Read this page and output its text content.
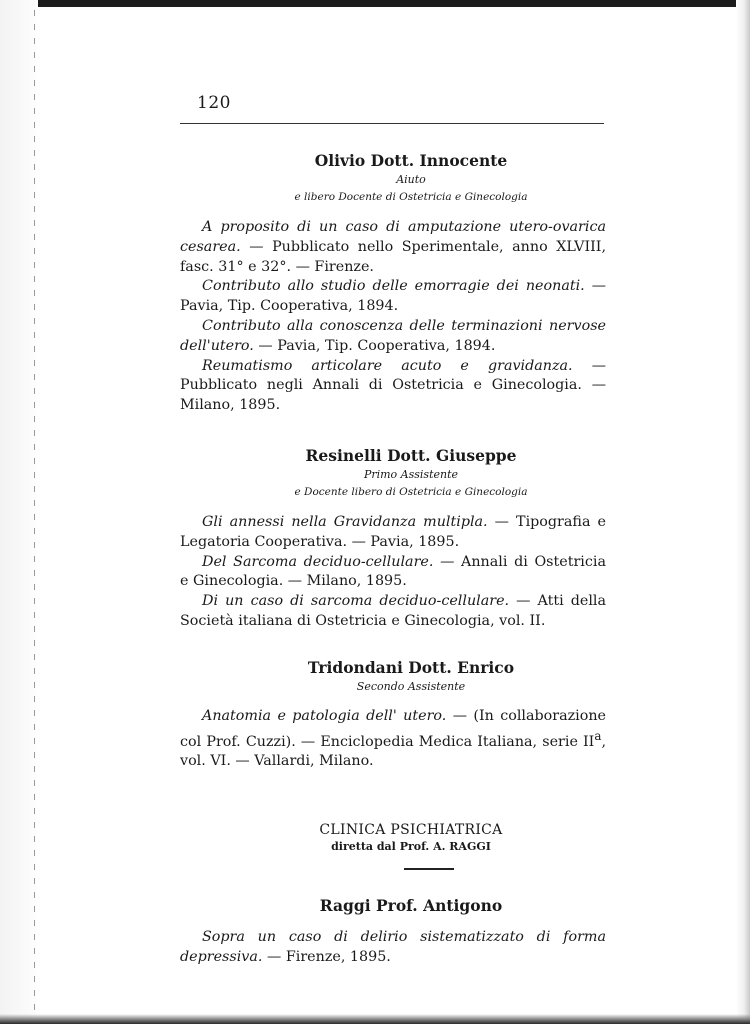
120
Olivio Dott. Innocente
Aiuto
e libero Docente di Ostetricia e Ginecologia

A proposito di un caso di amputazione utero-ovarica cesarea. — Pubblicato nello Sperimentale, anno XLVIII, fasc. 31° e 32°. — Firenze.

Contributo allo studio delle emorragie dei neonati. — Pavia, Tip. Cooperativa, 1894.

Contributo alla conoscenza delle terminazioni nervose dell'utero. — Pavia, Tip. Cooperativa, 1894.

Reumatismo articolare acuto e gravidanza. — Pubblicato negli Annali di Ostetricia e Ginecologia. — Milano, 1895.

Resinelli Dott. Giuseppe
Primo Assistente
e Docente libero di Ostetricia e Ginecologia

Gli annessi nella Gravidanza multipla. — Tipografia e Legatoria Cooperativa. — Pavia, 1895.

Del Sarcoma deciduo-cellulare. — Annali di Ostetricia e Ginecologia. — Milano, 1895.

Di un caso di sarcoma deciduo-cellulare. — Atti della Società italiana di Ostetricia e Ginecologia, vol. II.

Tridondani Dott. Enrico
Secondo Assistente

Anatomia e patologia dell' utero. — (In collaborazione col Prof. Cuzzi). — Enciclopedia Medica Italiana, serie $II^a$, vol. VI. — Vallardi, Milano.

CLINICA PSICHIATRICA
diretta dal Prof. A. RAGGI
Raggi Prof. Antigono

Sopra un caso di delirio sistematizzato di forma depressiva. — Firenze, 1895.
